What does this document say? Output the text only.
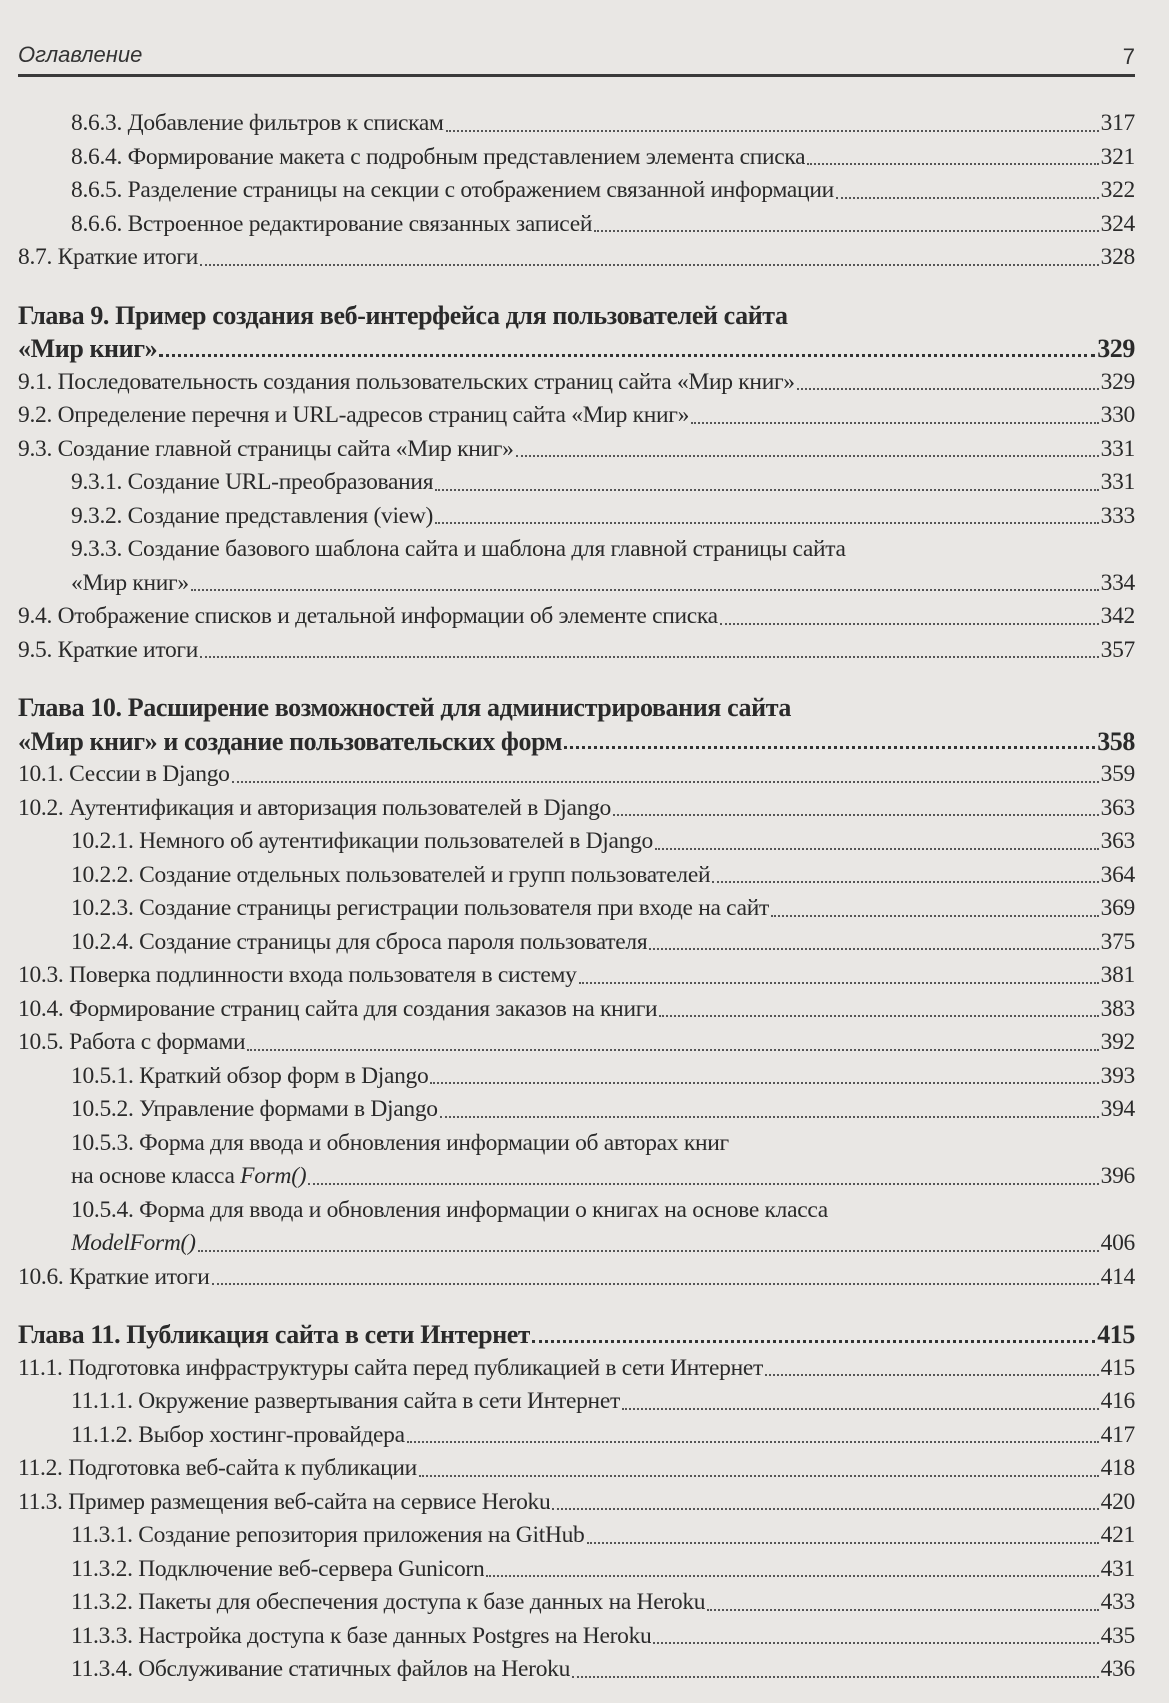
Оглавление	7
8.6.3. Добавление фильтров к спискам	317
8.6.4. Формирование макета с подробным представлением элемента списка	321
8.6.5. Разделение страницы на секции с отображением связанной информации	322
8.6.6. Встроенное редактирование связанных записей	324
8.7. Краткие итоги	328
Глава 9. Пример создания веб-интерфейса для пользователей сайта
«Мир книг»	329
9.1. Последовательность создания пользовательских страниц сайта «Мир книг»	329
9.2. Определение перечня и URL-адресов страниц сайта «Мир книг»	330
9.3. Создание главной страницы сайта «Мир книг»	331
9.3.1. Создание URL-преобразования	331
9.3.2. Создание представления (view)	333
9.3.3. Создание базового шаблона сайта и шаблона для главной страницы сайта
«Мир книг»	334
9.4. Отображение списков и детальной информации об элементе списка	342
9.5. Краткие итоги	357
Глава 10. Расширение возможностей для администрирования сайта
«Мир книг» и создание пользовательских форм	358
10.1. Сессии в Django	359
10.2. Аутентификация и авторизация пользователей в Django	363
10.2.1. Немного об аутентификации пользователей в Django	363
10.2.2. Создание отдельных пользователей и групп пользователей	364
10.2.3. Создание страницы регистрации пользователя при входе на сайт	369
10.2.4. Создание страницы для сброса пароля пользователя	375
10.3. Поверка подлинности входа пользователя в систему	381
10.4. Формирование страниц сайта для создания заказов на книги	383
10.5. Работа с формами	392
10.5.1. Краткий обзор форм в Django	393
10.5.2. Управление формами в Django	394
10.5.3. Форма для ввода и обновления информации об авторах книг
на основе класса Form()	396
10.5.4. Форма для ввода и обновления информации о книгах на основе класса
ModelForm()	406
10.6. Краткие итоги	414
Глава 11. Публикация сайта в сети Интернет	415
11.1. Подготовка инфраструктуры сайта перед публикацией в сети Интернет	415
11.1.1. Окружение развертывания сайта в сети Интернет	416
11.1.2. Выбор хостинг-провайдера	417
11.2. Подготовка веб-сайта к публикации	418
11.3. Пример размещения веб-сайта на сервисе Heroku	420
11.3.1. Создание репозитория приложения на GitHub	421
11.3.2. Подключение веб-сервера Gunicorn	431
11.3.2. Пакеты для обеспечения доступа к базе данных на Heroku	433
11.3.3. Настройка доступа к базе данных Postgres на Heroku	435
11.3.4. Обслуживание статичных файлов на Heroku	436
